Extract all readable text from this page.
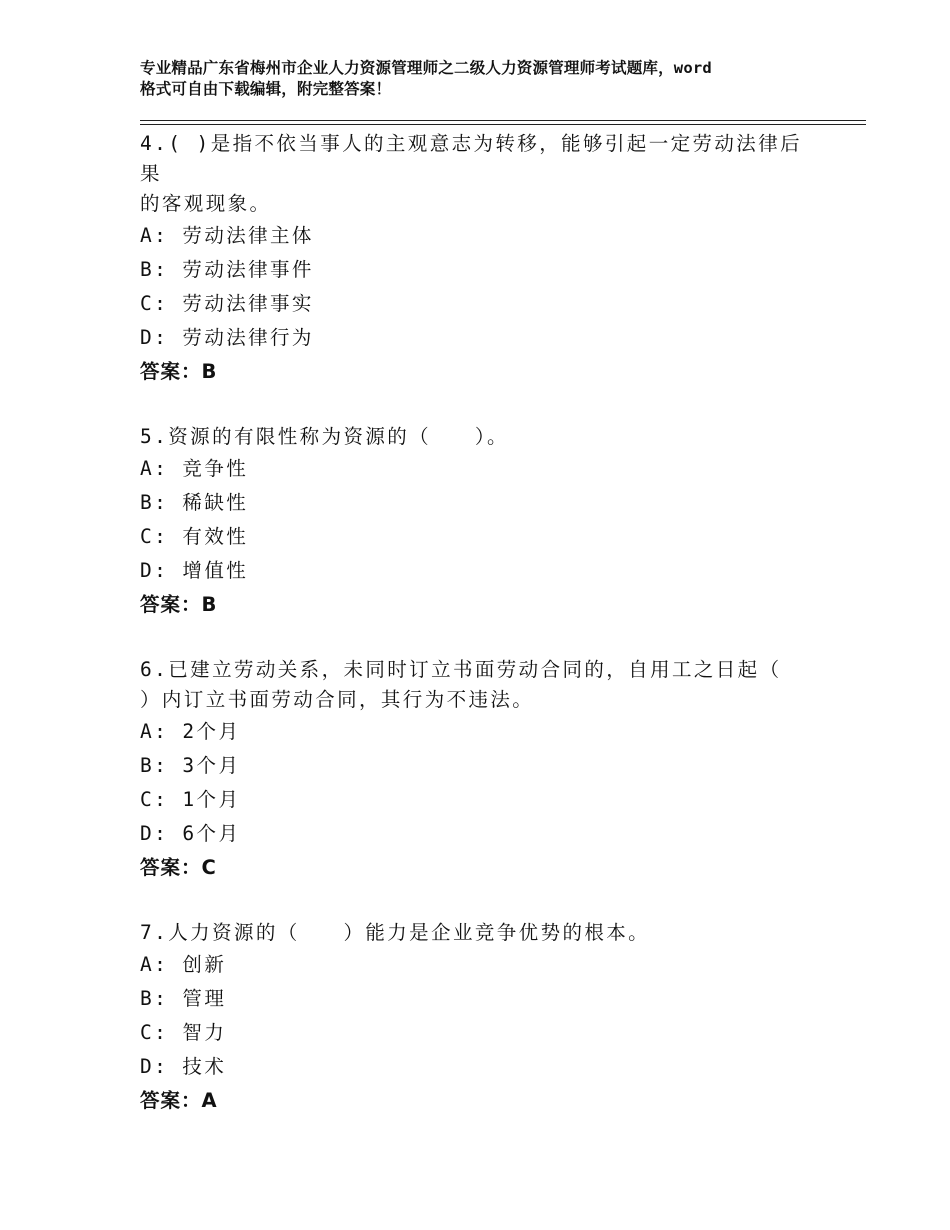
专业精品广东省梅州市企业人力资源管理师之二级人力资源管理师考试题库，word
格式可自由下载编辑，附完整答案！
4.( )是指不依当事人的主观意志为转移，能够引起一定劳动法律后果
的客观现象。
A: 劳动法律主体
B: 劳动法律事件
C: 劳动法律事实
D: 劳动法律行为
答案：B
5.资源的有限性称为资源的（　　）。
A: 竞争性
B: 稀缺性
C: 有效性
D: 增值性
答案：B
6.已建立劳动关系，未同时订立书面劳动合同的，自用工之日起（
）内订立书面劳动合同，其行为不违法。
A: 2个月
B: 3个月
C: 1个月
D: 6个月
答案：C
7.人力资源的（　　）能力是企业竞争优势的根本。
A: 创新
B: 管理
C: 智力
D: 技术
答案：A
